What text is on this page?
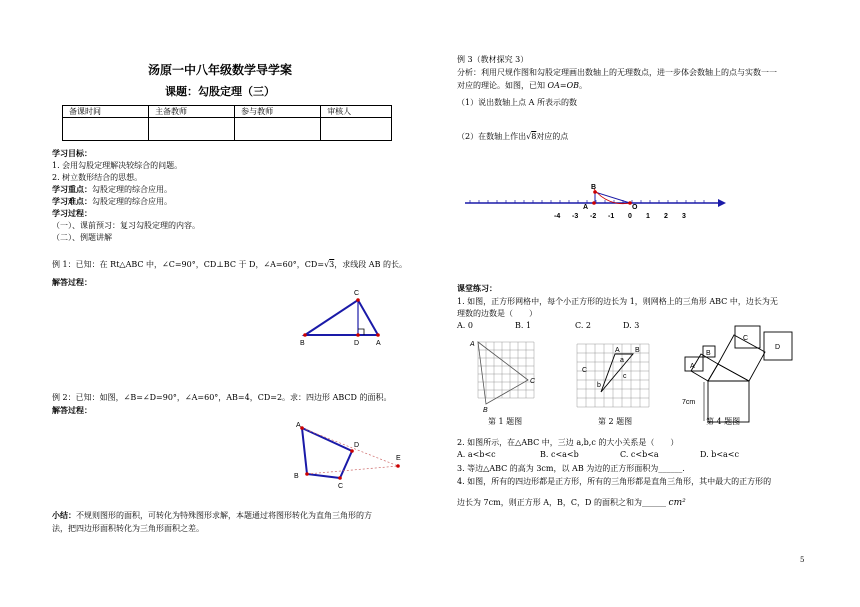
汤原一中八年级数学导学案
课题：勾股定理（三）
备课时间	主备教师	参与教师	审核人

学习目标：
1. 会用勾股定理解决较综合的问题。
2. 树立数形结合的思想。
学习重点：勾股定理的综合应用。
学习难点：勾股定理的综合应用。
学习过程：
（一）、课前预习：复习勾股定理的内容。
（二）、例题讲解
例 1：已知：在 Rt△ABC 中，∠C=90°，CD⊥BC 于 D，∠A=60°，CD=√3，求线段 AB 的长。
解答过程：
B
C
D A
例 2：已知：如图，∠B=∠D=90°，∠A=60°，AB=4，CD=2。求：四边形 ABCD 的面积。
解答过程：
A
B
C
D
E
小结：不规则图形的面积，可转化为特殊图形求解，本题通过将图形转化为直角三角形的方
法，把四边形面积转化为三角形面积之差。
例 3（教材探究 3）
分析：利用尺规作图和勾股定理画出数轴上的无理数点，进一步体会数轴上的点与实数一一
对应的理论。如图，已知 OA=OB。
（1）说出数轴上点 A 所表示的数
（2）在数轴上作出√8对应的点
-4 -3 -2 -1 0 1 2 3
B
A	O
课堂练习：
1. 如图，正方形网格中，每个小正方形的边长为 1，则网格上的三角形 ABC 中，边长为无
理数的边数是（　　）
A. 0	B. 1	C. 2	D. 3
A
C
B
C
A B
a
b
c
A
B
C
D
7cm
第 1 题图	第 2 题图	第 4 题图
2. 如图所示，在△ABC 中，三边 a,b,c 的大小关系是（　　）
A. a<b<c	B. c<a<b	C. c<b<a	D. b<a<c
3. 等边△ABC 的高为 3cm，以 AB 为边的正方形面积为______.
4. 如图，所有的四边形都是正方形，所有的三角形都是直角三角形，其中最大的正方形的
边长为 7cm，则正方形 A，B，C，D 的面积之和为______ cm²
5
